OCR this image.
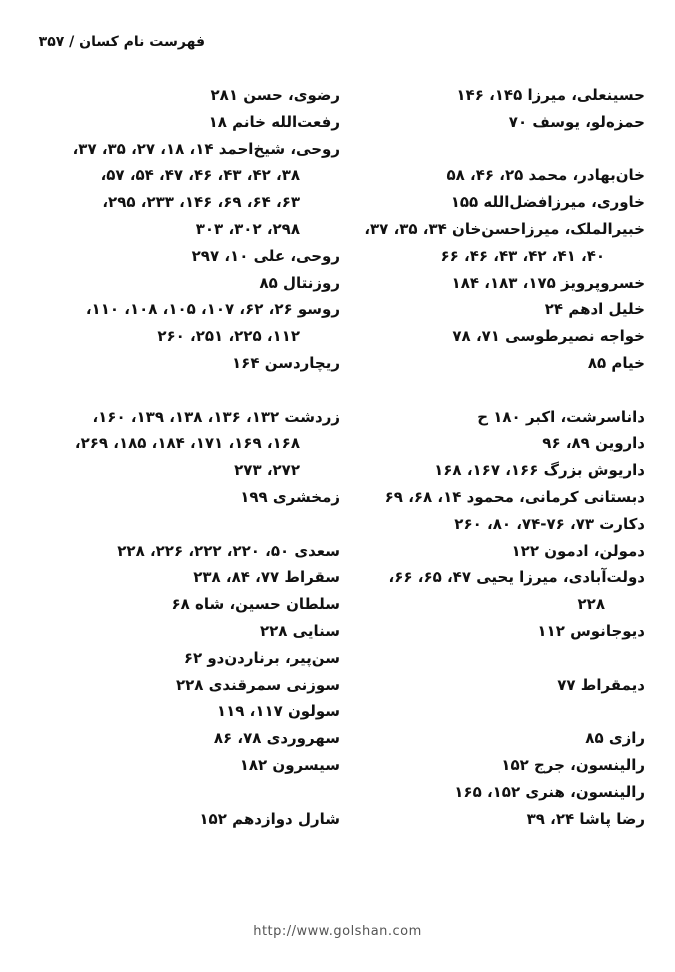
فهرست نام کسان / ۳۵۷
حسینعلی، میرزا ۱۴۵، ۱۴۶
حمزه‌لو، یوسف ۷۰
خان‌بهادر، محمد ۲۵، ۴۶، ۵۸
خاوری، میرزافضل‌الله ۱۵۵
خبیرالملک، میرزاحسن‌خان ۳۴، ۳۵، ۳۷،
۴۰، ۴۱، ۴۲، ۴۳، ۴۶، ۶۶
خسروپرویز ۱۷۵، ۱۸۳، ۱۸۴
خلیل ادهم ۲۴
خواجه نصیرطوسی ۷۱، ۷۸
خیام ۸۵
داناسرشت، اکبر ۱۸۰ ح
داروین ۸۹، ۹۶
داریوش بزرگ ۱۶۶، ۱۶۷، ۱۶۸
دبستانی کرمانی، محمود ۱۴، ۶۸، ۶۹
دکارت ۷۳، ۷۶-۷۴، ۸۰، ۲۶۰
دمولن، ادمون ۱۲۲
دولت‌آبادی، میرزا یحیی ۴۷، ۶۵، ۶۶،
۲۲۸
دیوجانوس ۱۱۲
دیمقراط ۷۷
رازی ۸۵
رالینسون، جرج ۱۵۲
رالینسون، هنری ۱۵۲، ۱۶۵
رضا پاشا ۲۴، ۳۹
رضوی، حسن ۲۸۱
رفعت‌الله خانم ۱۸
روحی، شیخ‌احمد ۱۴، ۱۸، ۲۷، ۳۵، ۳۷،
۳۸، ۴۲، ۴۳، ۴۶، ۴۷، ۵۴، ۵۷،
۶۳، ۶۴، ۶۹، ۱۴۶، ۲۳۳، ۲۹۵،
۲۹۸، ۳۰۲، ۳۰۳
روحی، علی ۱۰، ۲۹۷
روزنتال ۸۵
روسو ۲۶، ۶۲، ۱۰۷، ۱۰۵، ۱۰۸، ۱۱۰،
۱۱۲، ۲۲۵، ۲۵۱، ۲۶۰
ریچاردسن ۱۶۴
زردشت ۱۳۲، ۱۳۶، ۱۳۸، ۱۳۹، ۱۶۰،
۱۶۸، ۱۶۹، ۱۷۱، ۱۸۴، ۱۸۵، ۲۶۹،
۲۷۲، ۲۷۳
زمخشری ۱۹۹
سعدی ۵۰، ۲۲۰، ۲۲۲، ۲۲۶، ۲۲۸
سقراط ۷۷، ۸۴، ۲۳۸
سلطان حسین، شاه ۶۸
سنایی ۲۲۸
سن‌پیر، برناردن‌دو ۶۲
سوزنی سمرقندی ۲۲۸
سولون ۱۱۷، ۱۱۹
سهروردی ۷۸، ۸۶
سیسرون ۱۸۲
شارل دوازدهم ۱۵۲
http://www.golshan.com
